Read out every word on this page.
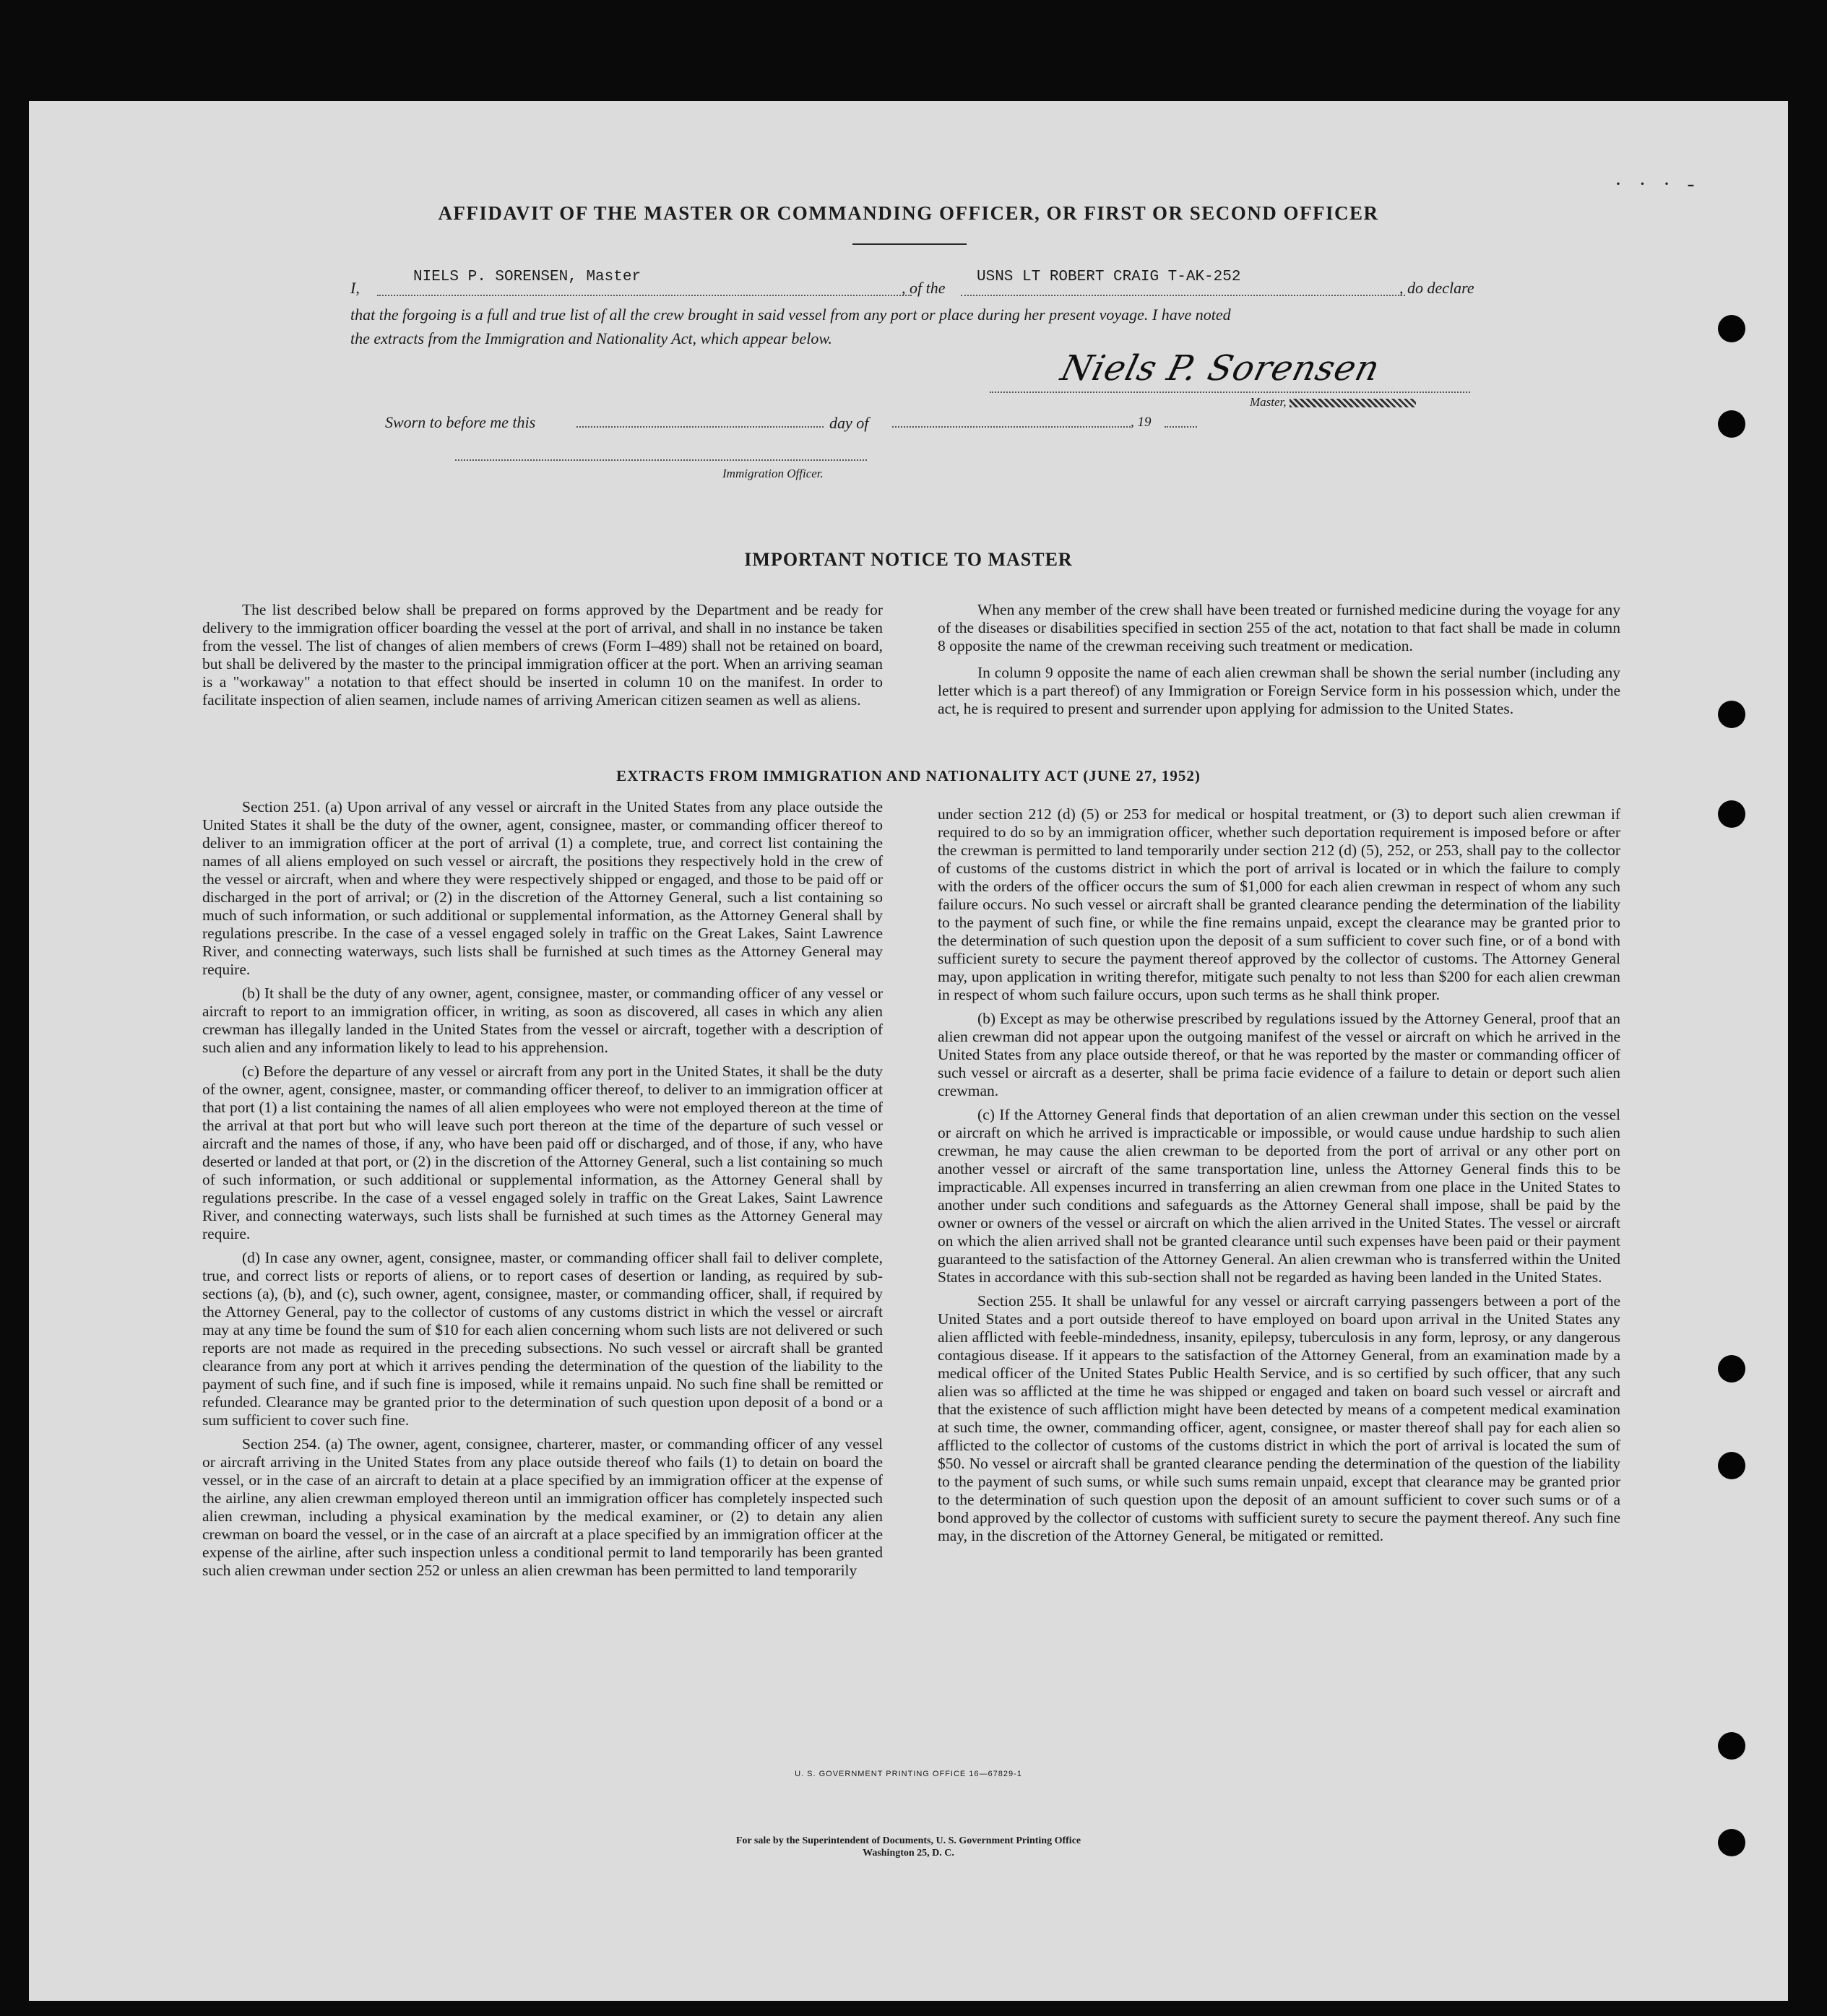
· · · -
AFFIDAVIT OF THE MASTER OR COMMANDING OFFICER, OR FIRST OR SECOND OFFICER
I,
NIELS P. SORENSEN, Master
, of the
USNS LT ROBERT CRAIG T-AK-252
, do declare
that the forgoing is a full and true list of all the crew brought in said vessel from any port or place during her present voyage. I have noted
the extracts from the Immigration and Nationality Act, which appear below.
Niels P. Sorensen
Master,
Sworn to before me this	day of	, 19
Immigration Officer.
IMPORTANT NOTICE TO MASTER

The list described below shall be prepared on forms approved by the Department and be ready for delivery to the immigration officer boarding the vessel at the port of arrival, and shall in no instance be taken from the vessel. The list of changes of alien members of crews (Form I–489) shall not be retained on board, but shall be delivered by the master to the principal immigration officer at the port. When an arriving seaman is a "workaway" a notation to that effect should be inserted in column 10 on the manifest. In order to facilitate inspection of alien seamen, include names of arriving American citizen seamen as well as aliens.

When any member of the crew shall have been treated or furnished medicine during the voyage for any of the diseases or disabilities specified in section 255 of the act, notation to that fact shall be made in column 8 opposite the name of the crewman receiving such treatment or medication.

In column 9 opposite the name of each alien crewman shall be shown the serial number (including any letter which is a part thereof) of any Immigration or Foreign Service form in his possession which, under the act, he is required to present and surrender upon applying for admission to the United States.

EXTRACTS FROM IMMIGRATION AND NATIONALITY ACT (JUNE 27, 1952)

Section 251. (a) Upon arrival of any vessel or aircraft in the United States from any place outside the United States it shall be the duty of the owner, agent, consignee, master, or commanding officer thereof to deliver to an immigration officer at the port of arrival (1) a complete, true, and correct list containing the names of all aliens employed on such vessel or aircraft, the positions they respectively hold in the crew of the vessel or aircraft, when and where they were respectively shipped or engaged, and those to be paid off or discharged in the port of arrival; or (2) in the discretion of the Attorney General, such a list containing so much of such information, or such additional or supplemental information, as the Attorney General shall by regulations prescribe. In the case of a vessel engaged solely in traffic on the Great Lakes, Saint Lawrence River, and connecting waterways, such lists shall be furnished at such times as the Attorney General may require.

(b) It shall be the duty of any owner, agent, consignee, master, or commanding officer of any vessel or aircraft to report to an immigration officer, in writing, as soon as discovered, all cases in which any alien crewman has illegally landed in the United States from the vessel or aircraft, together with a description of such alien and any information likely to lead to his apprehension.

(c) Before the departure of any vessel or aircraft from any port in the United States, it shall be the duty of the owner, agent, consignee, master, or commanding officer thereof, to deliver to an immigration officer at that port (1) a list containing the names of all alien employees who were not employed thereon at the time of the arrival at that port but who will leave such port thereon at the time of the departure of such vessel or aircraft and the names of those, if any, who have been paid off or discharged, and of those, if any, who have deserted or landed at that port, or (2) in the discretion of the Attorney General, such a list containing so much of such information, or such additional or supplemental information, as the Attorney General shall by regulations prescribe. In the case of a vessel engaged solely in traffic on the Great Lakes, Saint Lawrence River, and connecting waterways, such lists shall be furnished at such times as the Attorney General may require.

(d) In case any owner, agent, consignee, master, or commanding officer shall fail to deliver complete, true, and correct lists or reports of aliens, or to report cases of desertion or landing, as required by sub-sections (a), (b), and (c), such owner, agent, consignee, master, or commanding officer, shall, if required by the Attorney General, pay to the collector of customs of any customs district in which the vessel or aircraft may at any time be found the sum of $10 for each alien concerning whom such lists are not delivered or such reports are not made as required in the preceding subsections. No such vessel or aircraft shall be granted clearance from any port at which it arrives pending the determination of the question of the liability to the payment of such fine, and if such fine is imposed, while it remains unpaid. No such fine shall be remitted or refunded. Clearance may be granted prior to the determination of such question upon deposit of a bond or a sum sufficient to cover such fine.

Section 254. (a) The owner, agent, consignee, charterer, master, or commanding officer of any vessel or aircraft arriving in the United States from any place outside thereof who fails (1) to detain on board the vessel, or in the case of an aircraft to detain at a place specified by an immigration officer at the expense of the airline, any alien crewman employed thereon until an immigration officer has completely inspected such alien crewman, including a physical examination by the medical examiner, or (2) to detain any alien crewman on board the vessel, or in the case of an aircraft at a place specified by an immigration officer at the expense of the airline, after such inspection unless a conditional permit to land temporarily has been granted such alien crewman under section 252 or unless an alien crewman has been permitted to land temporarily

under section 212 (d) (5) or 253 for medical or hospital treatment, or (3) to deport such alien crewman if required to do so by an immigration officer, whether such deportation requirement is imposed before or after the crewman is permitted to land temporarily under section 212 (d) (5), 252, or 253, shall pay to the collector of customs of the customs district in which the port of arrival is located or in which the failure to comply with the orders of the officer occurs the sum of $1,000 for each alien crewman in respect of whom any such failure occurs. No such vessel or aircraft shall be granted clearance pending the determination of the liability to the payment of such fine, or while the fine remains unpaid, except the clearance may be granted prior to the determination of such question upon the deposit of a sum sufficient to cover such fine, or of a bond with sufficient surety to secure the payment thereof approved by the collector of customs. The Attorney General may, upon application in writing therefor, mitigate such penalty to not less than $200 for each alien crewman in respect of whom such failure occurs, upon such terms as he shall think proper.

(b) Except as may be otherwise prescribed by regulations issued by the Attorney General, proof that an alien crewman did not appear upon the outgoing manifest of the vessel or aircraft on which he arrived in the United States from any place outside thereof, or that he was reported by the master or commanding officer of such vessel or aircraft as a deserter, shall be prima facie evidence of a failure to detain or deport such alien crewman.

(c) If the Attorney General finds that deportation of an alien crewman under this section on the vessel or aircraft on which he arrived is impracticable or impossible, or would cause undue hardship to such alien crewman, he may cause the alien crewman to be deported from the port of arrival or any other port on another vessel or aircraft of the same transportation line, unless the Attorney General finds this to be impracticable. All expenses incurred in transferring an alien crewman from one place in the United States to another under such conditions and safeguards as the Attorney General shall impose, shall be paid by the owner or owners of the vessel or aircraft on which the alien arrived in the United States. The vessel or aircraft on which the alien arrived shall not be granted clearance until such expenses have been paid or their payment guaranteed to the satisfaction of the Attorney General. An alien crewman who is transferred within the United States in accordance with this sub-section shall not be regarded as having been landed in the United States.

Section 255. It shall be unlawful for any vessel or aircraft carrying passengers between a port of the United States and a port outside thereof to have employed on board upon arrival in the United States any alien afflicted with feeble-mindedness, insanity, epilepsy, tuberculosis in any form, leprosy, or any dangerous contagious disease. If it appears to the satisfaction of the Attorney General, from an examination made by a medical officer of the United States Public Health Service, and is so certified by such officer, that any such alien was so afflicted at the time he was shipped or engaged and taken on board such vessel or aircraft and that the existence of such affliction might have been detected by means of a competent medical examination at such time, the owner, commanding officer, agent, consignee, or master thereof shall pay for each alien so afflicted to the collector of customs of the customs district in which the port of arrival is located the sum of $50. No vessel or aircraft shall be granted clearance pending the determination of the question of the liability to the payment of such sums, or while such sums remain unpaid, except that clearance may be granted prior to the determination of such question upon the deposit of an amount sufficient to cover such sums or of a bond approved by the collector of customs with sufficient surety to secure the payment thereof. Any such fine may, in the discretion of the Attorney General, be mitigated or remitted.

U. S. GOVERNMENT PRINTING OFFICE 16—67829-1
For sale by the Superintendent of Documents, U. S. Government Printing Office
Washington 25, D. C.
